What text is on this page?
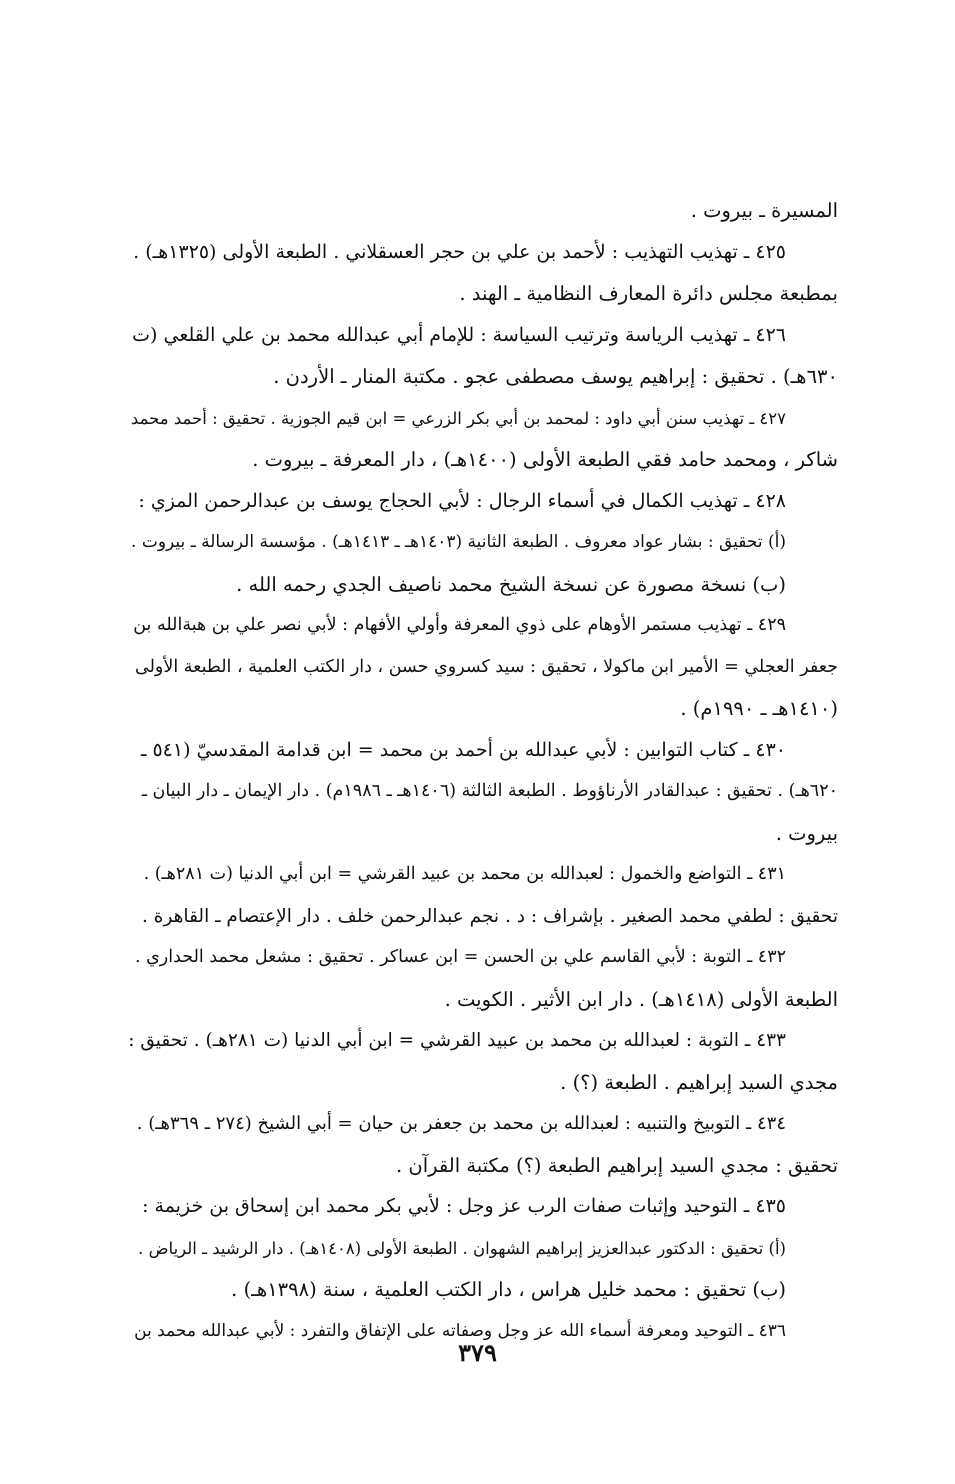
المسيرة ـ بيروت .
٤٢٥ ـ تهذيب التهذيب : لأحمد بن علي بن حجر العسقلاني . الطبعة الأولى (١٣٢٥هـ) .
بمطبعة مجلس دائرة المعارف النظامية ـ الهند .
٤٢٦ ـ تهذيب الرياسة وترتيب السياسة : للإمام أبي عبدالله محمد بن علي القلعي (ت
٦٣٠هـ) . تحقيق : إبراهيم يوسف مصطفى عجو . مكتبة المنار ـ الأردن .
٤٢٧ ـ تهذيب سنن أبي داود : لمحمد بن أبي بكر الزرعي = ابن قيم الجوزية . تحقيق : أحمد محمد
شاكر ، ومحمد حامد فقي الطبعة الأولى (١٤٠٠هـ) ، دار المعرفة ـ بيروت .
٤٢٨ ـ تهذيب الكمال في أسماء الرجال : لأبي الحجاج يوسف بن عبدالرحمن المزي :
(أ) تحقيق : بشار عواد معروف . الطبعة الثانية (١٤٠٣هـ ـ ١٤١٣هـ) . مؤسسة الرسالة ـ بيروت .
(ب) نسخة مصورة عن نسخة الشيخ محمد ناصيف الجدي رحمه الله .
٤٢٩ ـ تهذيب مستمر الأوهام على ذوي المعرفة وأولي الأفهام : لأبي نصر علي بن هبةالله بن
جعفر العجلي = الأمير ابن ماكولا ، تحقيق : سيد كسروي حسن ، دار الكتب العلمية ، الطبعة الأولى
(١٤١٠هـ ـ ١٩٩٠م) .
٤٣٠ ـ كتاب التوابين : لأبي عبدالله بن أحمد بن محمد = ابن قدامة المقدسيّ (٥٤١ ـ
٦٢٠هـ) . تحقيق : عبدالقادر الأرناؤوط . الطبعة الثالثة (١٤٠٦هـ ـ ١٩٨٦م) . دار الإيمان ـ دار البيان ـ
بيروت .
٤٣١ ـ التواضع والخمول : لعبدالله بن محمد بن عبيد القرشي = ابن أبي الدنيا (ت ٢٨١هـ) .
تحقيق : لطفي محمد الصغير . بإشراف : د . نجم عبدالرحمن خلف . دار الإعتصام ـ القاهرة .
٤٣٢ ـ التوبة : لأبي القاسم علي بن الحسن = ابن عساكر . تحقيق : مشعل محمد الحداري .
الطبعة الأولى (١٤١٨هـ) . دار ابن الأثير . الكويت .
٤٣٣ ـ التوبة : لعبدالله بن محمد بن عبيد القرشي = ابن أبي الدنيا (ت ٢٨١هـ) . تحقيق :
مجدي السيد إبراهيم . الطبعة (؟) .
٤٣٤ ـ التوبيخ والتنبيه : لعبدالله بن محمد بن جعفر بن حيان = أبي الشيخ (٢٧٤ ـ ٣٦٩هـ) .
تحقيق : مجدي السيد إبراهيم الطبعة (؟) مكتبة القرآن .
٤٣٥ ـ التوحيد وإثبات صفات الرب عز وجل : لأبي بكر محمد ابن إسحاق بن خزيمة :
(أ) تحقيق : الدكتور عبدالعزيز إبراهيم الشهوان . الطبعة الأولى (١٤٠٨هـ) . دار الرشيد ـ الرياض .
(ب) تحقيق : محمد خليل هراس ، دار الكتب العلمية ، سنة (١٣٩٨هـ) .
٤٣٦ ـ التوحيد ومعرفة أسماء الله عز وجل وصفاته على الإتفاق والتفرد : لأبي عبدالله محمد بن
٣٧٩
